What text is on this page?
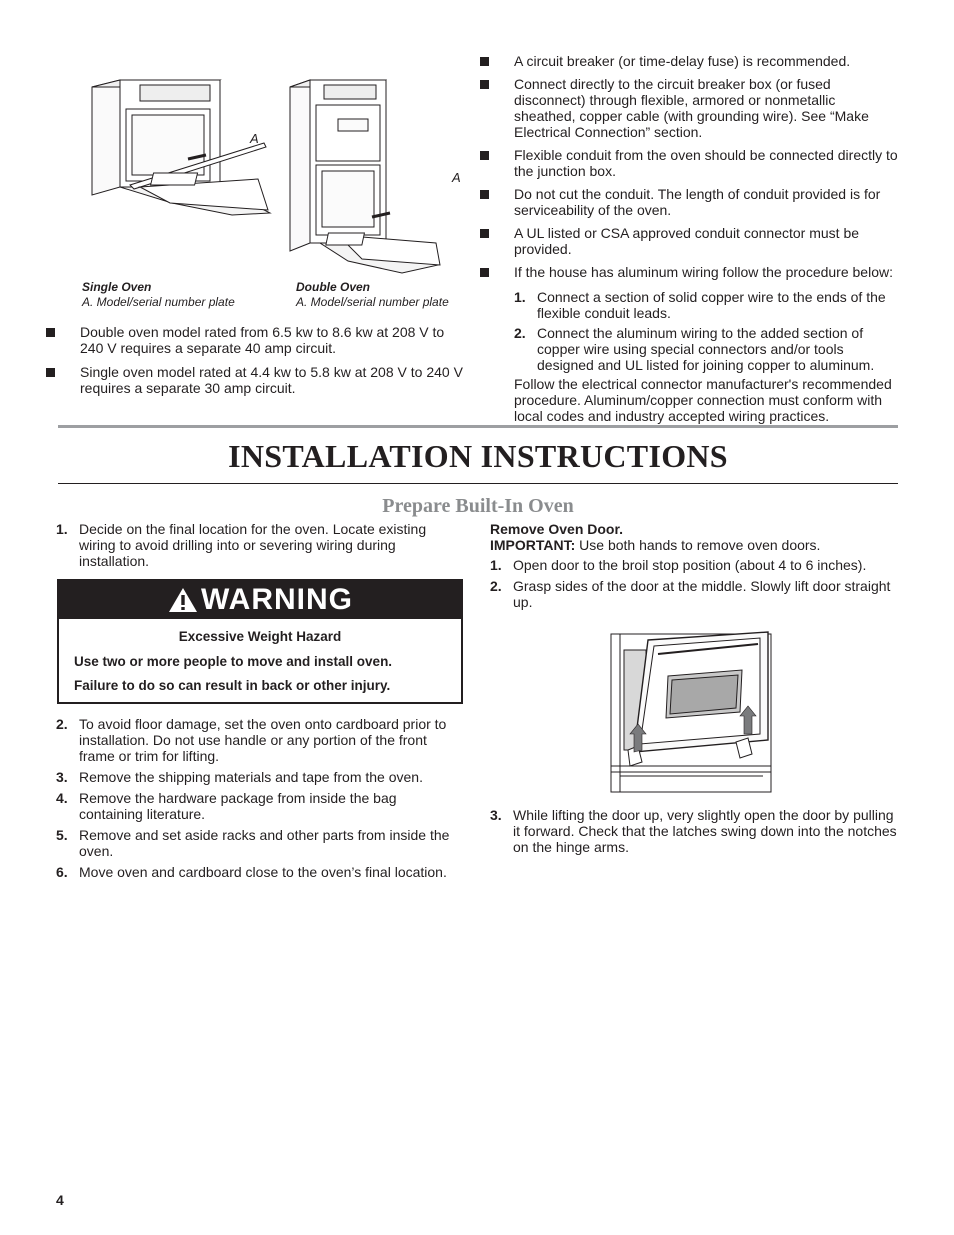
A
A
Single Oven
A. Model/serial number plate
Double Oven
A. Model/serial number plate
Double oven model rated from 6.5 kw to 8.6 kw at 208 V to 240 V requires a separate 40 amp circuit.
Single oven model rated at 4.4 kw to 5.8 kw at 208 V to 240 V requires a separate 30 amp circuit.
A circuit breaker (or time-delay fuse) is recommended.
Connect directly to the circuit breaker box (or fused disconnect) through flexible, armored or nonmetallic sheathed, copper cable (with grounding wire). See “Make Electrical Connection” section.
Flexible conduit from the oven should be connected directly to the junction box.
Do not cut the conduit. The length of conduit provided is for serviceability of the oven.
A UL listed or CSA approved conduit connector must be provided.
If the house has aluminum wiring follow the procedure below:
1. Connect a section of solid copper wire to the ends of the flexible conduit leads.
2. Connect the aluminum wiring to the added section of copper wire using special connectors and/or tools designed and UL listed for joining copper to aluminum.
Follow the electrical connector manufacturer's recommended procedure. Aluminum/copper connection must conform with local codes and industry accepted wiring practices.
INSTALLATION INSTRUCTIONS
Prepare Built-In Oven
1. Decide on the final location for the oven. Locate existing wiring to avoid drilling into or severing wiring during installation.
WARNING
Excessive Weight Hazard
Use two or more people to move and install oven.
Failure to do so can result in back or other injury.
2. To avoid floor damage, set the oven onto cardboard prior to installation. Do not use handle or any portion of the front frame or trim for lifting.
3. Remove the shipping materials and tape from the oven.
4. Remove the hardware package from inside the bag containing literature.
5. Remove and set aside racks and other parts from inside the oven.
6. Move oven and cardboard close to the oven’s final location.
Remove Oven Door.
IMPORTANT: Use both hands to remove oven doors.
1. Open door to the broil stop position (about 4 to 6 inches).
2. Grasp sides of the door at the middle. Slowly lift door straight up.
3. While lifting the door up, very slightly open the door by pulling it forward. Check that the latches swing down into the notches on the hinge arms.
4
